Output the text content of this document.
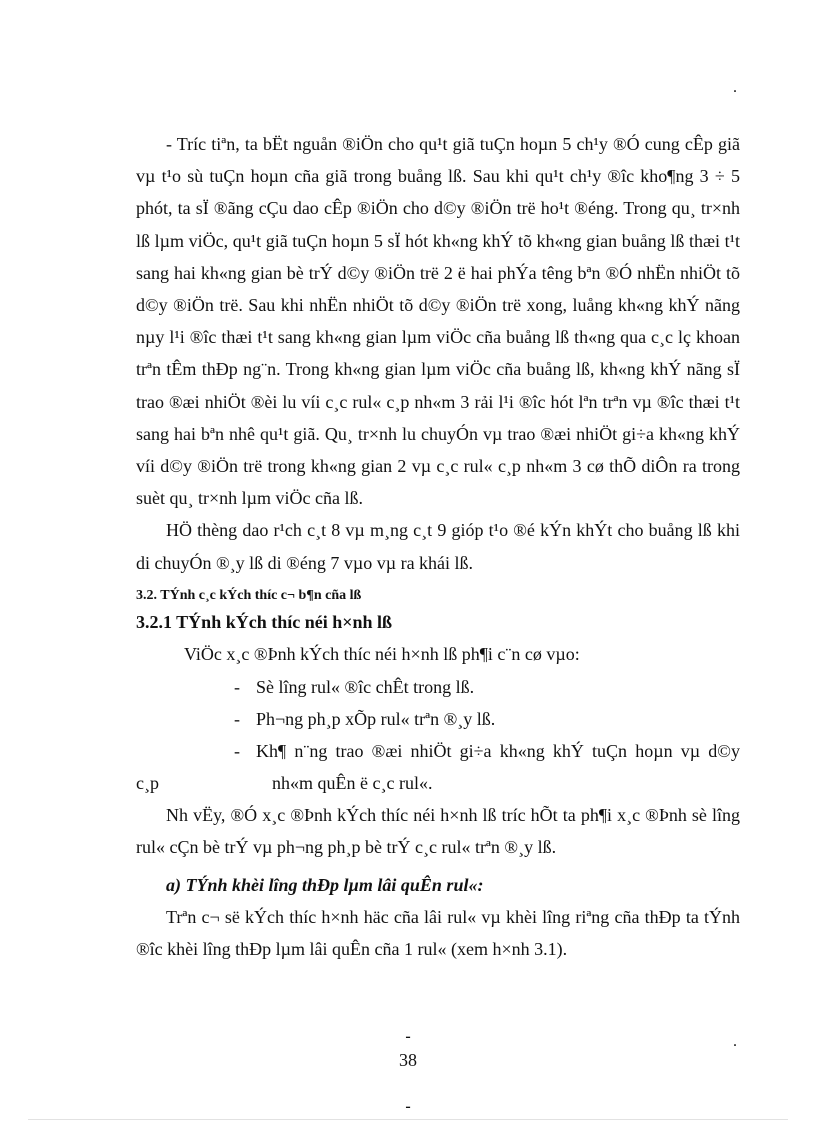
.

- Tríc tiªn, ta bËt nguån ®iÖn cho qu¹t giã tuÇn hoµn 5 ch¹y ®Ó cung cÊp giã vµ t¹o sù tuÇn hoµn cña giã trong buång lß. Sau khi qu¹t ch¹y ®îc kho¶ng 3 ÷ 5 phót, ta sÏ ®ãng cÇu dao cÊp ®iÖn cho d©y ®iÖn trë ho¹t ®éng. Trong qu¸ tr×nh lß lµm viÖc, qu¹t giã tuÇn hoµn 5 sÏ hót kh«ng khÝ tõ kh«ng gian buång lß thæi t¹t sang hai kh«ng gian bè trÝ d©y ®iÖn trë 2 ë hai phÝa têng bªn ®Ó nhËn nhiÖt tõ d©y ®iÖn trë. Sau khi nhËn nhiÖt tõ d©y ®iÖn trë xong, luång kh«ng khÝ nãng nµy l¹i ®îc thæi t¹t sang kh«ng gian lµm viÖc cña buång lß th«ng qua c¸c lç khoan trªn tÊm thÐp ng¨n. Trong kh«ng gian lµm viÖc cña buång lß, kh«ng khÝ nãng sÏ trao ®æi nhiÖt ®èi lu víi c¸c rul« c¸p nh«m 3 rải l¹i ®îc hót lªn trªn vµ ®îc thæi t¹t sang hai bªn nhê qu¹t giã. Qu¸ tr×nh lu chuyÓn vµ trao ®æi nhiÖt gi÷a kh«ng khÝ víi d©y ®iÖn trë trong kh«ng gian 2 vµ c¸c rul« c¸p nh«m 3 cø thÕ diÔn ra trong suèt qu¸ tr×nh lµm viÖc cña lß.

HÖ thèng dao r¹ch c¸t 8 vµ m¸ng c¸t 9 gióp t¹o ®é kÝn khÝt cho buång lß khi di chuyÓn ®¸y lß di ®éng 7 vµo vµ ra khái lß.

3.2. TÝnh c¸c kÝch thíc c¬ b¶n cña lß

3.2.1 TÝnh kÝch thíc néi h×nh lß

ViÖc x¸c ®Þnh kÝch thíc néi h×nh lß ph¶i c¨n cø vµo:

- Sè lîng rul« ®îc chÊt trong lß.
- Ph¬ng ph¸p xÕp rul« trªn ®¸y lß.
- Kh¶ n¨ng trao ®æi nhiÖt gi÷a kh«ng khÝ tuÇn hoµn vµ d©y
c¸p	nh«m quÊn ë c¸c rul«.

Nh vËy, ®Ó x¸c ®Þnh kÝch thíc néi h×nh lß tríc hÕt ta ph¶i x¸c ®Þnh sè lîng rul« cÇn bè trÝ vµ ph¬ng ph¸p bè trÝ c¸c rul« trªn ®¸y lß.

a) TÝnh khèi lîng thÐp lµm lâi quÊn rul«:

Trªn c¬ së kÝch thíc h×nh häc cña lâi rul« vµ khèi lîng riªng cña thÐp ta tÝnh ®îc khèi lîng thÐp lµm lâi quÊn cña 1 rul« (xem h×nh 3.1).

.
-
38
-
